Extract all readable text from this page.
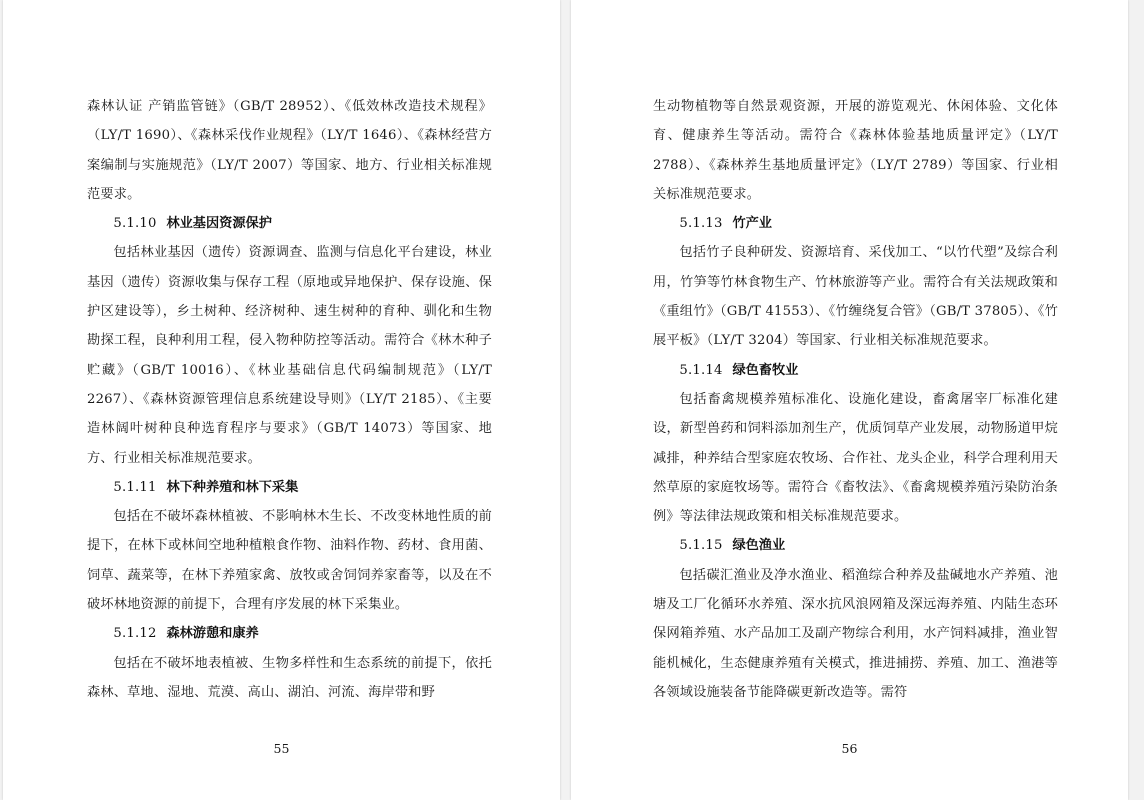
森林认证 产销监管链》（GB/T 28952）、《低效林改造技术规程》（LY/T 1690）、《森林采伐作业规程》（LY/T 1646）、《森林经营方案编制与实施规范》（LY/T 2007）等国家、地方、行业相关标准规范要求。

5.1.10 林业基因资源保护

包括林业基因（遗传）资源调查、监测与信息化平台建设，林业基因（遗传）资源收集与保存工程（原地或异地保护、保存设施、保护区建设等），乡土树种、经济树种、速生树种的育种、驯化和生物勘探工程，良种利用工程，侵入物种防控等活动。需符合《林木种子贮藏》（GB/T 10016）、《林业基础信息代码编制规范》（LY/T 2267）、《森林资源管理信息系统建设导则》（LY/T 2185）、《主要造林阔叶树种良种选育程序与要求》（GB/T 14073）等国家、地方、行业相关标准规范要求。

5.1.11 林下种养殖和林下采集

包括在不破坏森林植被、不影响林木生长、不改变林地性质的前提下，在林下或林间空地种植粮食作物、油料作物、药材、食用菌、饲草、蔬菜等，在林下养殖家禽、放牧或舍饲饲养家畜等，以及在不破坏林地资源的前提下，合理有序发展的林下采集业。

5.1.12 森林游憩和康养

包括在不破坏地表植被、生物多样性和生态系统的前提下，依托森林、草地、湿地、荒漠、高山、湖泊、河流、海岸带和野

55

生动物植物等自然景观资源，开展的游览观光、休闲体验、文化体育、健康养生等活动。需符合《森林体验基地质量评定》（LY/T 2788）、《森林养生基地质量评定》（LY/T 2789）等国家、行业相关标准规范要求。

5.1.13 竹产业

包括竹子良种研发、资源培育、采伐加工、“以竹代塑”及综合利用，竹笋等竹林食物生产、竹林旅游等产业。需符合有关法规政策和《重组竹》（GB/T 41553）、《竹缠绕复合管》（GB/T 37805）、《竹展平板》（LY/T 3204）等国家、行业相关标准规范要求。

5.1.14 绿色畜牧业

包括畜禽规模养殖标准化、设施化建设，畜禽屠宰厂标准化建设，新型兽药和饲料添加剂生产，优质饲草产业发展，动物肠道甲烷减排，种养结合型家庭农牧场、合作社、龙头企业，科学合理利用天然草原的家庭牧场等。需符合《畜牧法》、《畜禽规模养殖污染防治条例》等法律法规政策和相关标准规范要求。

5.1.15 绿色渔业

包括碳汇渔业及净水渔业、稻渔综合种养及盐碱地水产养殖、池塘及工厂化循环水养殖、深水抗风浪网箱及深远海养殖、内陆生态环保网箱养殖、水产品加工及副产物综合利用，水产饲料减排，渔业智能机械化，生态健康养殖有关模式，推进捕捞、养殖、加工、渔港等各领域设施装备节能降碳更新改造等。需符

56
